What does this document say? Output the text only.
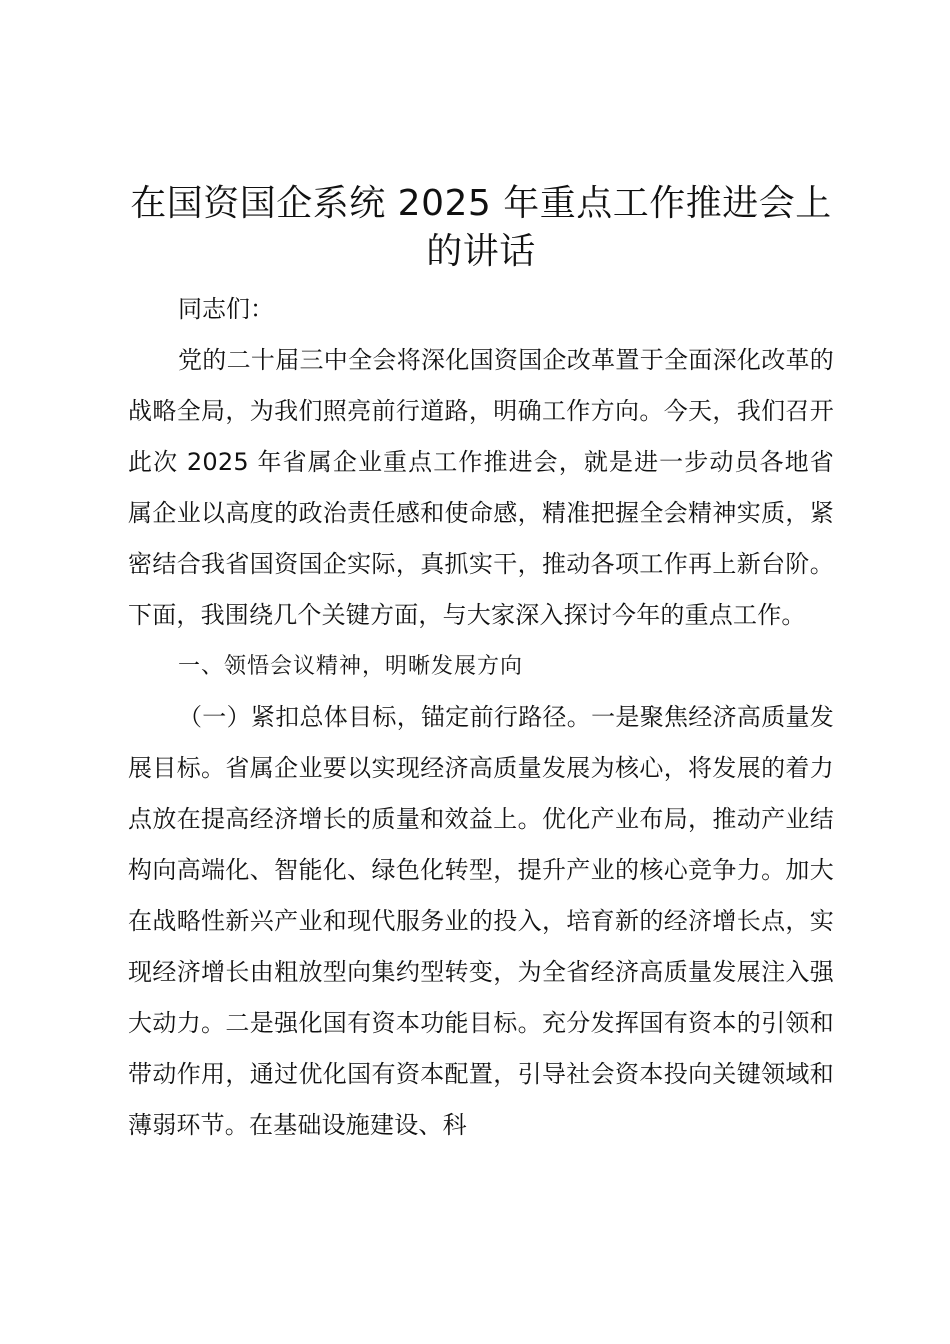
在国资国企系统 2025 年重点工作推进会上的讲话

同志们：

党的二十届三中全会将深化国资国企改革置于全面深化改革的战略全局，为我们照亮前行道路，明确工作方向。今天，我们召开此次 2025 年省属企业重点工作推进会，就是进一步动员各地省属企业以高度的政治责任感和使命感，精准把握全会精神实质，紧密结合我省国资国企实际，真抓实干，推动各项工作再上新台阶。下面，我围绕几个关键方面，与大家深入探讨今年的重点工作。

一、领悟会议精神，明晰发展方向

（一）紧扣总体目标，锚定前行路径。一是聚焦经济高质量发展目标。省属企业要以实现经济高质量发展为核心，将发展的着力点放在提高经济增长的质量和效益上。优化产业布局，推动产业结构向高端化、智能化、绿色化转型，提升产业的核心竞争力。加大在战略性新兴产业和现代服务业的投入，培育新的经济增长点，实现经济增长由粗放型向集约型转变，为全省经济高质量发展注入强大动力。二是强化国有资本功能目标。充分发挥国有资本的引领和带动作用，通过优化国有资本配置，引导社会资本投向关键领域和薄弱环节。在基础设施建设、科
